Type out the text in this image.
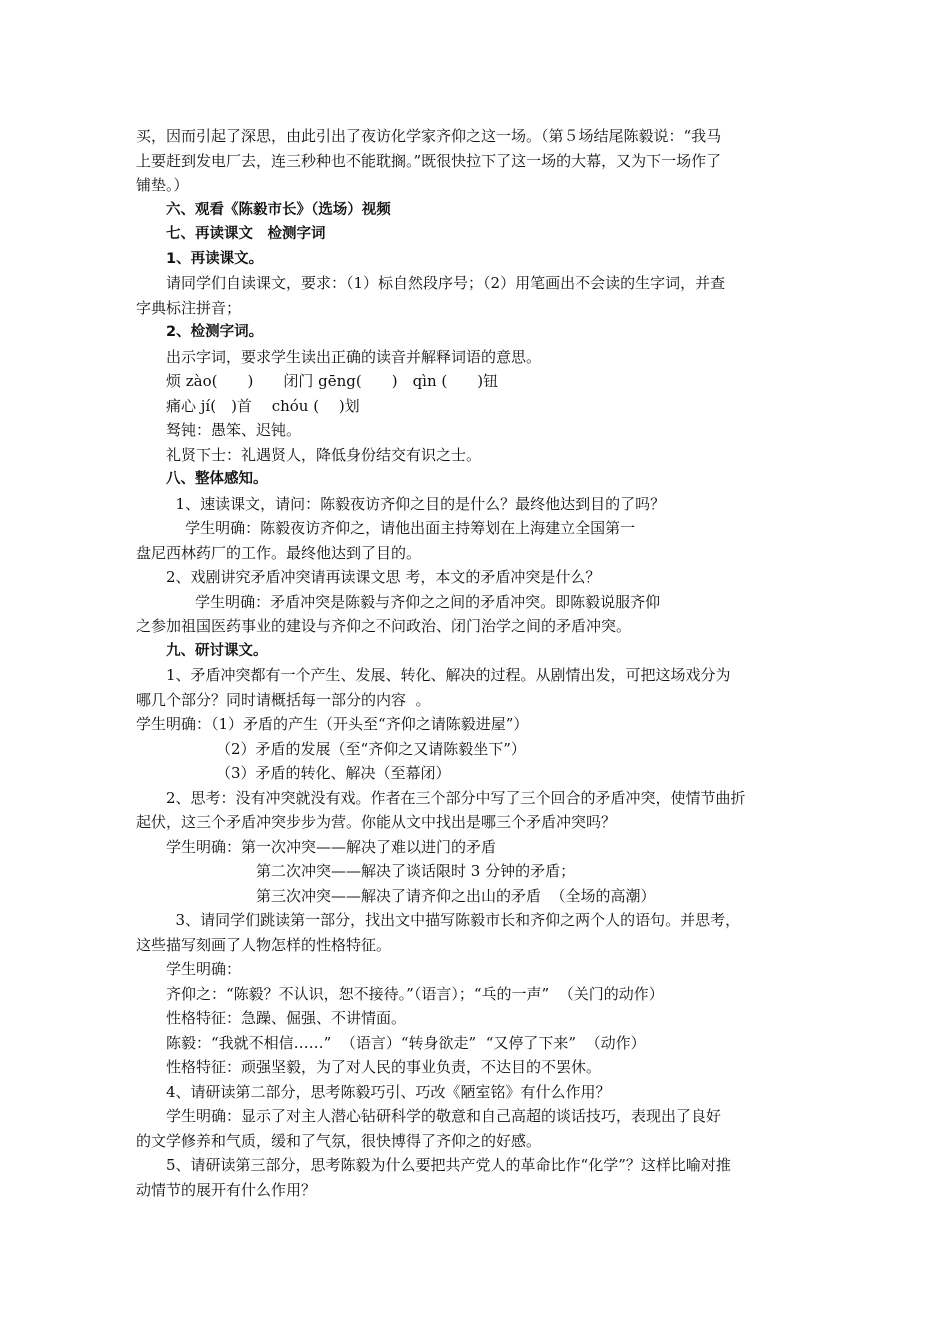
买，因而引起了深思，由此引出了夜访化学家齐仰之这一场。（第５场结尾陈毅说：“我马
上要赶到发电厂去，连三秒种也不能耽搁。”既很快拉下了这一场的大幕，又为下一场作了
铺垫。）
六、观看《陈毅市长》（选场）视频
七、再读课文　检测字词
1、再读课文。
请同学们自读课文，要求：（1）标自然段序号；（2）用笔画出不会读的生字词，并查
字典标注拼音；
2、检测字词。
出示字词，要求学生读出正确的读音并解释词语的意思。
烦 zào(　　)　　闭门 gēng(　　)　qìn (　　)钮
痛心 jí(　)首　 chóu (　 )划
驽钝：愚笨、迟钝。
礼贤下士：礼遇贤人，降低身份结交有识之士。
八、整体感知。
1、速读课文，请问：陈毅夜访齐仰之目的是什么？最终他达到目的了吗？
学生明确：陈毅夜访齐仰之，请他出面主持筹划在上海建立全国第一
盘尼西林药厂的工作。最终他达到了目的。
2、戏剧讲究矛盾冲突请再读课文思 考，本文的矛盾冲突是什么？
学生明确：矛盾冲突是陈毅与齐仰之之间的矛盾冲突。即陈毅说服齐仰
之参加祖国医药事业的建设与齐仰之不问政治、闭门治学之间的矛盾冲突。
九、研讨课文。
1、矛盾冲突都有一个产生、发展、转化、解决的过程。从剧情出发，可把这场戏分为
哪几个部分？同时请概括每一部分的内容  。
学生明确：（1）矛盾的产生（开头至“齐仰之请陈毅进屋”）
（2）矛盾的发展（至“齐仰之又请陈毅坐下”）
（3）矛盾的转化、解决（至幕闭）
2、思考：没有冲突就没有戏。作者在三个部分中写了三个回合的矛盾冲突，使情节曲折
起伏，这三个矛盾冲突步步为营。你能从文中找出是哪三个矛盾冲突吗？
学生明确：第一次冲突——解决了难以进门的矛盾
第二次冲突——解决了谈话限时 3 分钟的矛盾；
第三次冲突——解决了请齐仰之出山的矛盾  （全场的高潮）
3、请同学们跳读第一部分，找出文中描写陈毅市长和齐仰之两个人的语句。并思考，
这些描写刻画了人物怎样的性格特征。
学生明确：
齐仰之：“陈毅？不认识，恕不接待。”（语言）；“乓的一声”  （关门的动作）
性格特征：急躁、倔强、不讲情面。
陈毅：“我就不相信……”  （语言）“转身欲走”  “又停了下来”  （动作）
性格特征：顽强坚毅，为了对人民的事业负责，不达目的不罢休。
4、请研读第二部分，思考陈毅巧引、巧改《陋室铭》有什么作用？
学生明确：显示了对主人潜心钻研科学的敬意和自己高超的谈话技巧，表现出了良好
的文学修养和气质，缓和了气氛，很快博得了齐仰之的好感。
5、请研读第三部分，思考陈毅为什么要把共产党人的革命比作“化学”？这样比喻对推
动情节的展开有什么作用？
